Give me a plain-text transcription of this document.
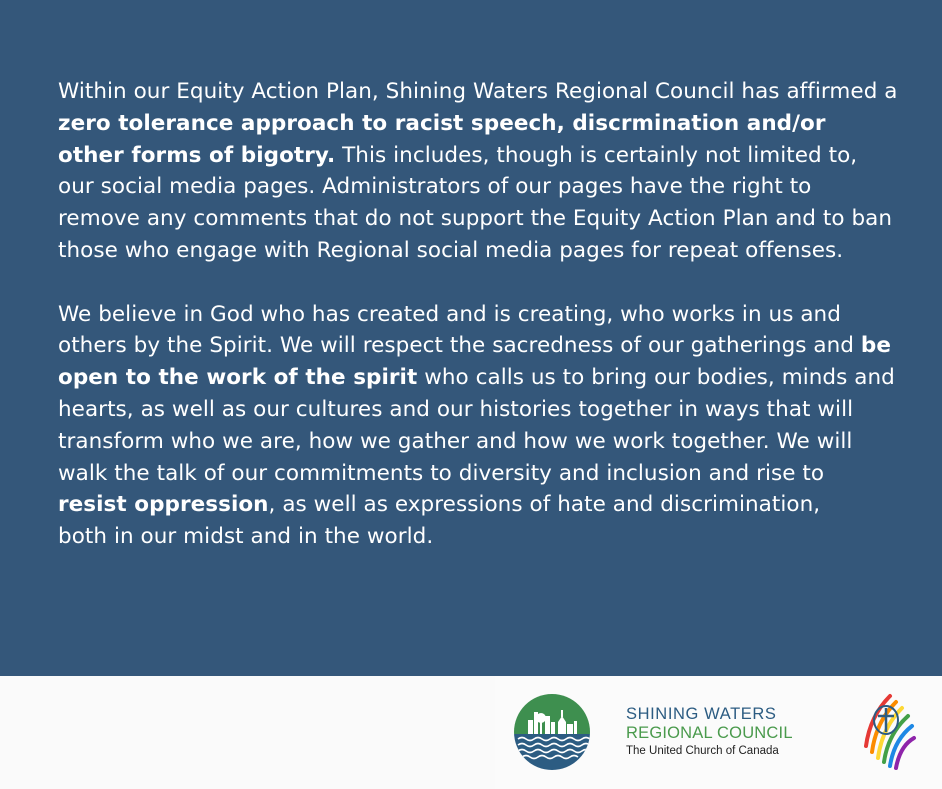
Within our Equity Action Plan, Shining Waters Regional Council has affirmed a zero tolerance approach to racist speech, discrmination and/or other forms of bigotry. This includes, though is certainly not limited to, our social media pages. Administrators of our pages have the right to remove any comments that do not support the Equity Action Plan and to ban those who engage with Regional social media pages for repeat offenses.

We believe in God who has created and is creating, who works in us and others by the Spirit. We will respect the sacredness of our gatherings and be open to the work of the spirit who calls us to bring our bodies, minds and hearts, as well as our cultures and our histories together in ways that will transform who we are, how we gather and how we work together. We will walk the talk of our commitments to diversity and inclusion and rise to resist oppression, as well as expressions of hate and discrimination,
both in our midst and in the world.

SHINING WATERS
REGIONAL COUNCIL
The United Church of Canada
